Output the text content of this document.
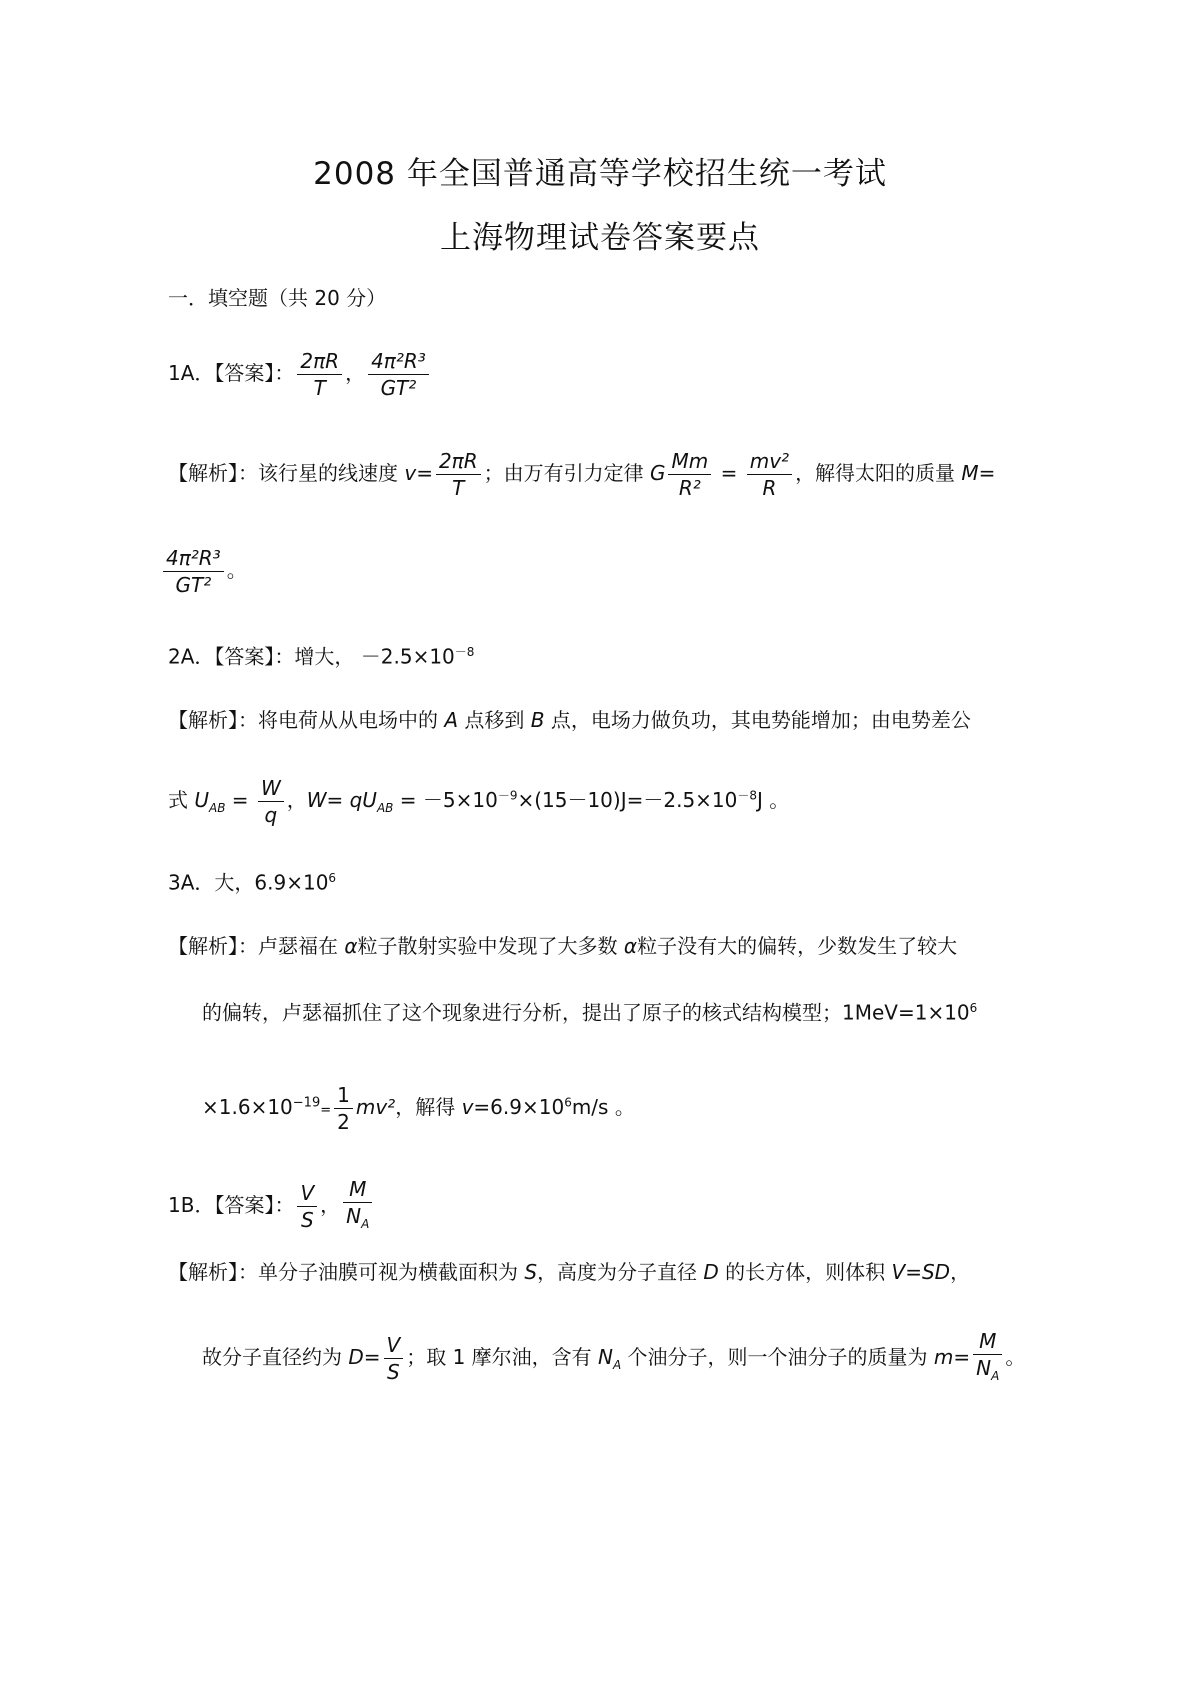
2008 年全国普通高等学校招生统一考试
上海物理试卷答案要点
一．填空题（共 20 分）
1A．【答案】： $\frac{2\pi R}{T}$ ， $\frac{\text{4π²R³}}{\text{GT²}}$
【解析】：该行星的线速度 $v= \frac{2\pi R}{T}$ ；由万有引力定律 G $\frac{Mm}{\text{R²}} = \frac{\text{mv²}}{R}$ ，解得太阳的质量 M=
$\frac{\text{4π²R³}}{\text{GT²}}$ 。
2A．【答案】：增大， $-2.5\times 10^{-8}$
【解析】：将电荷从从电场中的 A 点移到 B 点，电场力做负功，其电势能增加；由电势差公
式 $U_{AB} = \frac{W}{q}$ ，$W= qU_{AB} = -5\times 10^{-9}\times(15-10)J=-2.5\times 10^{-8}J$ 。
3A．大，$6.9\times 10^6$
【解析】：卢瑟福在 α粒子散射实验中发现了大多数 α粒子没有大的偏转，少数发生了较大
的偏转，卢瑟福抓住了这个现象进行分析，提出了原子的核式结构模型；$1MeV=1\times 10^6$
$\times 1.6\times 10^{-19}= \frac{1}{2} mv^2$，解得 $v=6.9\times 10^6m/s$ 。
1B．【答案】： $\frac{V}{S}$ ， $\frac{M}{N_A}$
【解析】：单分子油膜可视为横截面积为 S，高度为分子直径 D 的长方体，则体积 V=SD，
故分子直径约为 $D= \frac{V}{S}$ ；取 1 摩尔油，含有 $N_A$ 个油分子，则一个油分子的质量为 $m= \frac{M}{N_A}$ 。
